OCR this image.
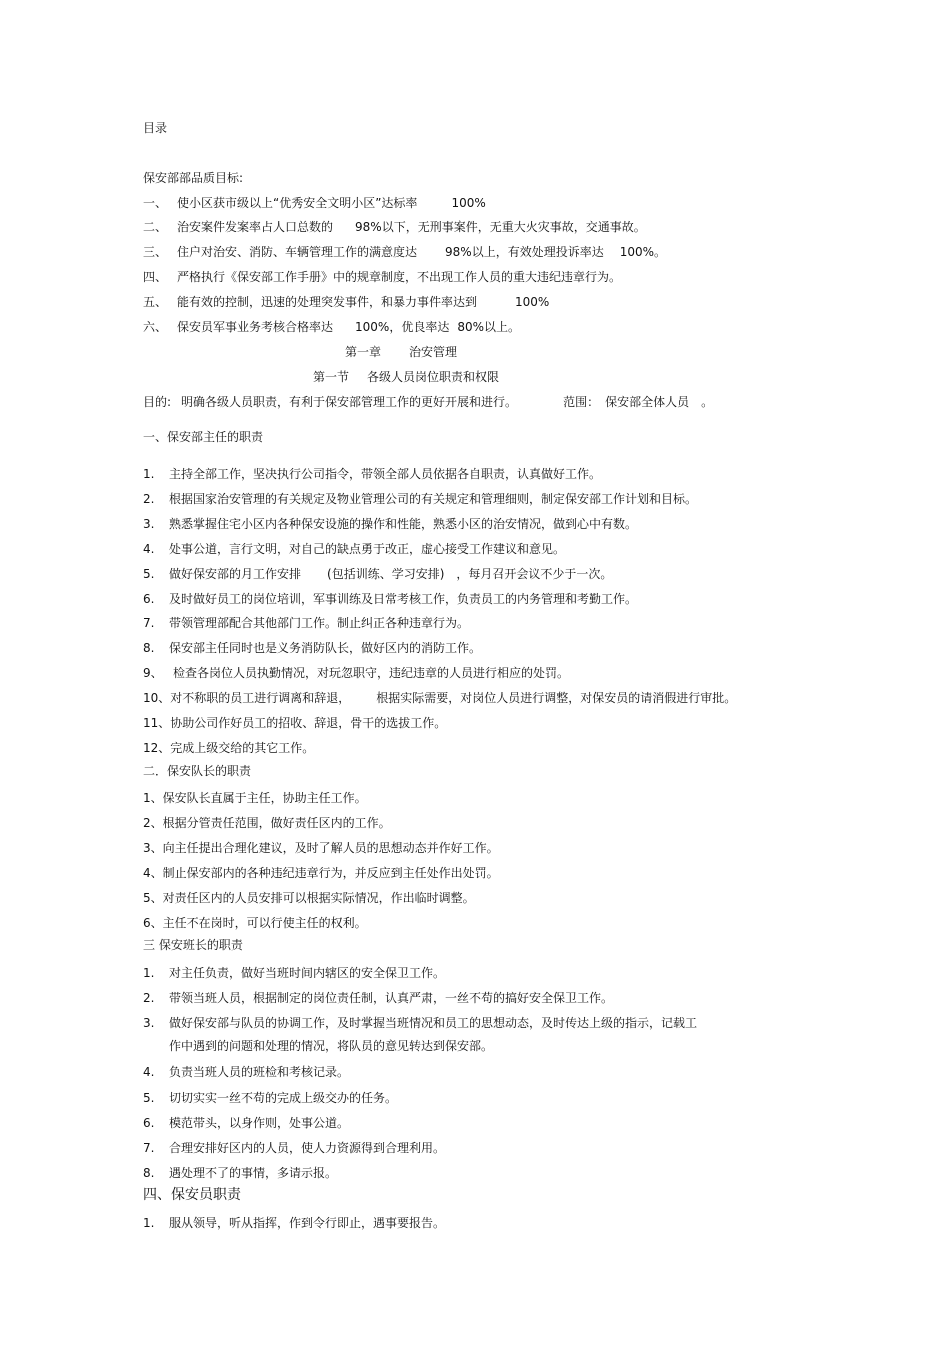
目录
保安部部品质目标:
一、 使小区获市级以上“优秀安全文明小区”达标率	100%
二、 治安案件发案率占人口总数的 98%以下，无刑事案件，无重大火灾事故，交通事故。
三、 住户对治安、消防、车辆管理工作的满意度达 98%以上，有效处理投诉率达 100%。
四、 严格执行《保安部工作手册》中的规章制度，不出现工作人员的重大违纪违章行为。
五、 能有效的控制，迅速的处理突发事件，和暴力事件率达到	100%
六、 保安员军事业务考核合格率达 100%，优良率达 80%以上。
第一章 治安管理
第一节 各级人员岗位职责和权限
目的: 明确各级人员职责，有利于保安部管理工作的更好开展和进行。	范围： 保安部全体人员 。
一、保安部主任的职责
1. 主持全部工作，坚决执行公司指令，带领全部人员依据各自职责，认真做好工作。
2. 根据国家治安管理的有关规定及物业管理公司的有关规定和管理细则，制定保安部工作计划和目标。
3. 熟悉掌握住宅小区内各种保安设施的操作和性能，熟悉小区的治安情况，做到心中有数。
4. 处事公道，言行文明，对自己的缺点勇于改正，虚心接受工作建议和意见。
5. 做好保安部的月工作安排 (包括训练、学习安排) ，每月召开会议不少于一次。
6. 及时做好员工的岗位培训，军事训练及日常考核工作，负责员工的内务管理和考勤工作。
7. 带领管理部配合其他部门工作。制止纠正各种违章行为。
8. 保安部主任同时也是义务消防队长，做好区内的消防工作。
9、 检查各岗位人员执勤情况，对玩忽职守，违纪违章的人员进行相应的处罚。
10、对不称职的员工进行调离和辞退， 根据实际需要，对岗位人员进行调整，对保安员的请消假进行审批。
11、协助公司作好员工的招收、辞退，骨干的选拔工作。
12、完成上级交给的其它工作。
二．保安队长的职责
1、保安队长直属于主任，协助主任工作。
2、根据分管责任范围，做好责任区内的工作。
3、向主任提出合理化建议，及时了解人员的思想动态并作好工作。
4、制止保安部内的各种违纪违章行为，并反应到主任处作出处罚。
5、对责任区内的人员安排可以根据实际情况，作出临时调整。
6、主任不在岗时，可以行使主任的权利。
三 保安班长的职责
1. 对主任负责，做好当班时间内辖区的安全保卫工作。
2. 带领当班人员，根据制定的岗位责任制，认真严肃，一丝不苟的搞好安全保卫工作。
3. 做好保安部与队员的协调工作，及时掌握当班情况和员工的思想动态，及时传达上级的指示，记载工
作中遇到的问题和处理的情况，将队员的意见转达到保安部。
4. 负责当班人员的班检和考核记录。
5. 切切实实一丝不苟的完成上级交办的任务。
6. 模范带头，以身作则，处事公道。
7. 合理安排好区内的人员，使人力资源得到合理利用。
8. 遇处理不了的事情，多请示报。
四、保安员职责
1. 服从领导，听从指挥，作到令行即止，遇事要报告。
